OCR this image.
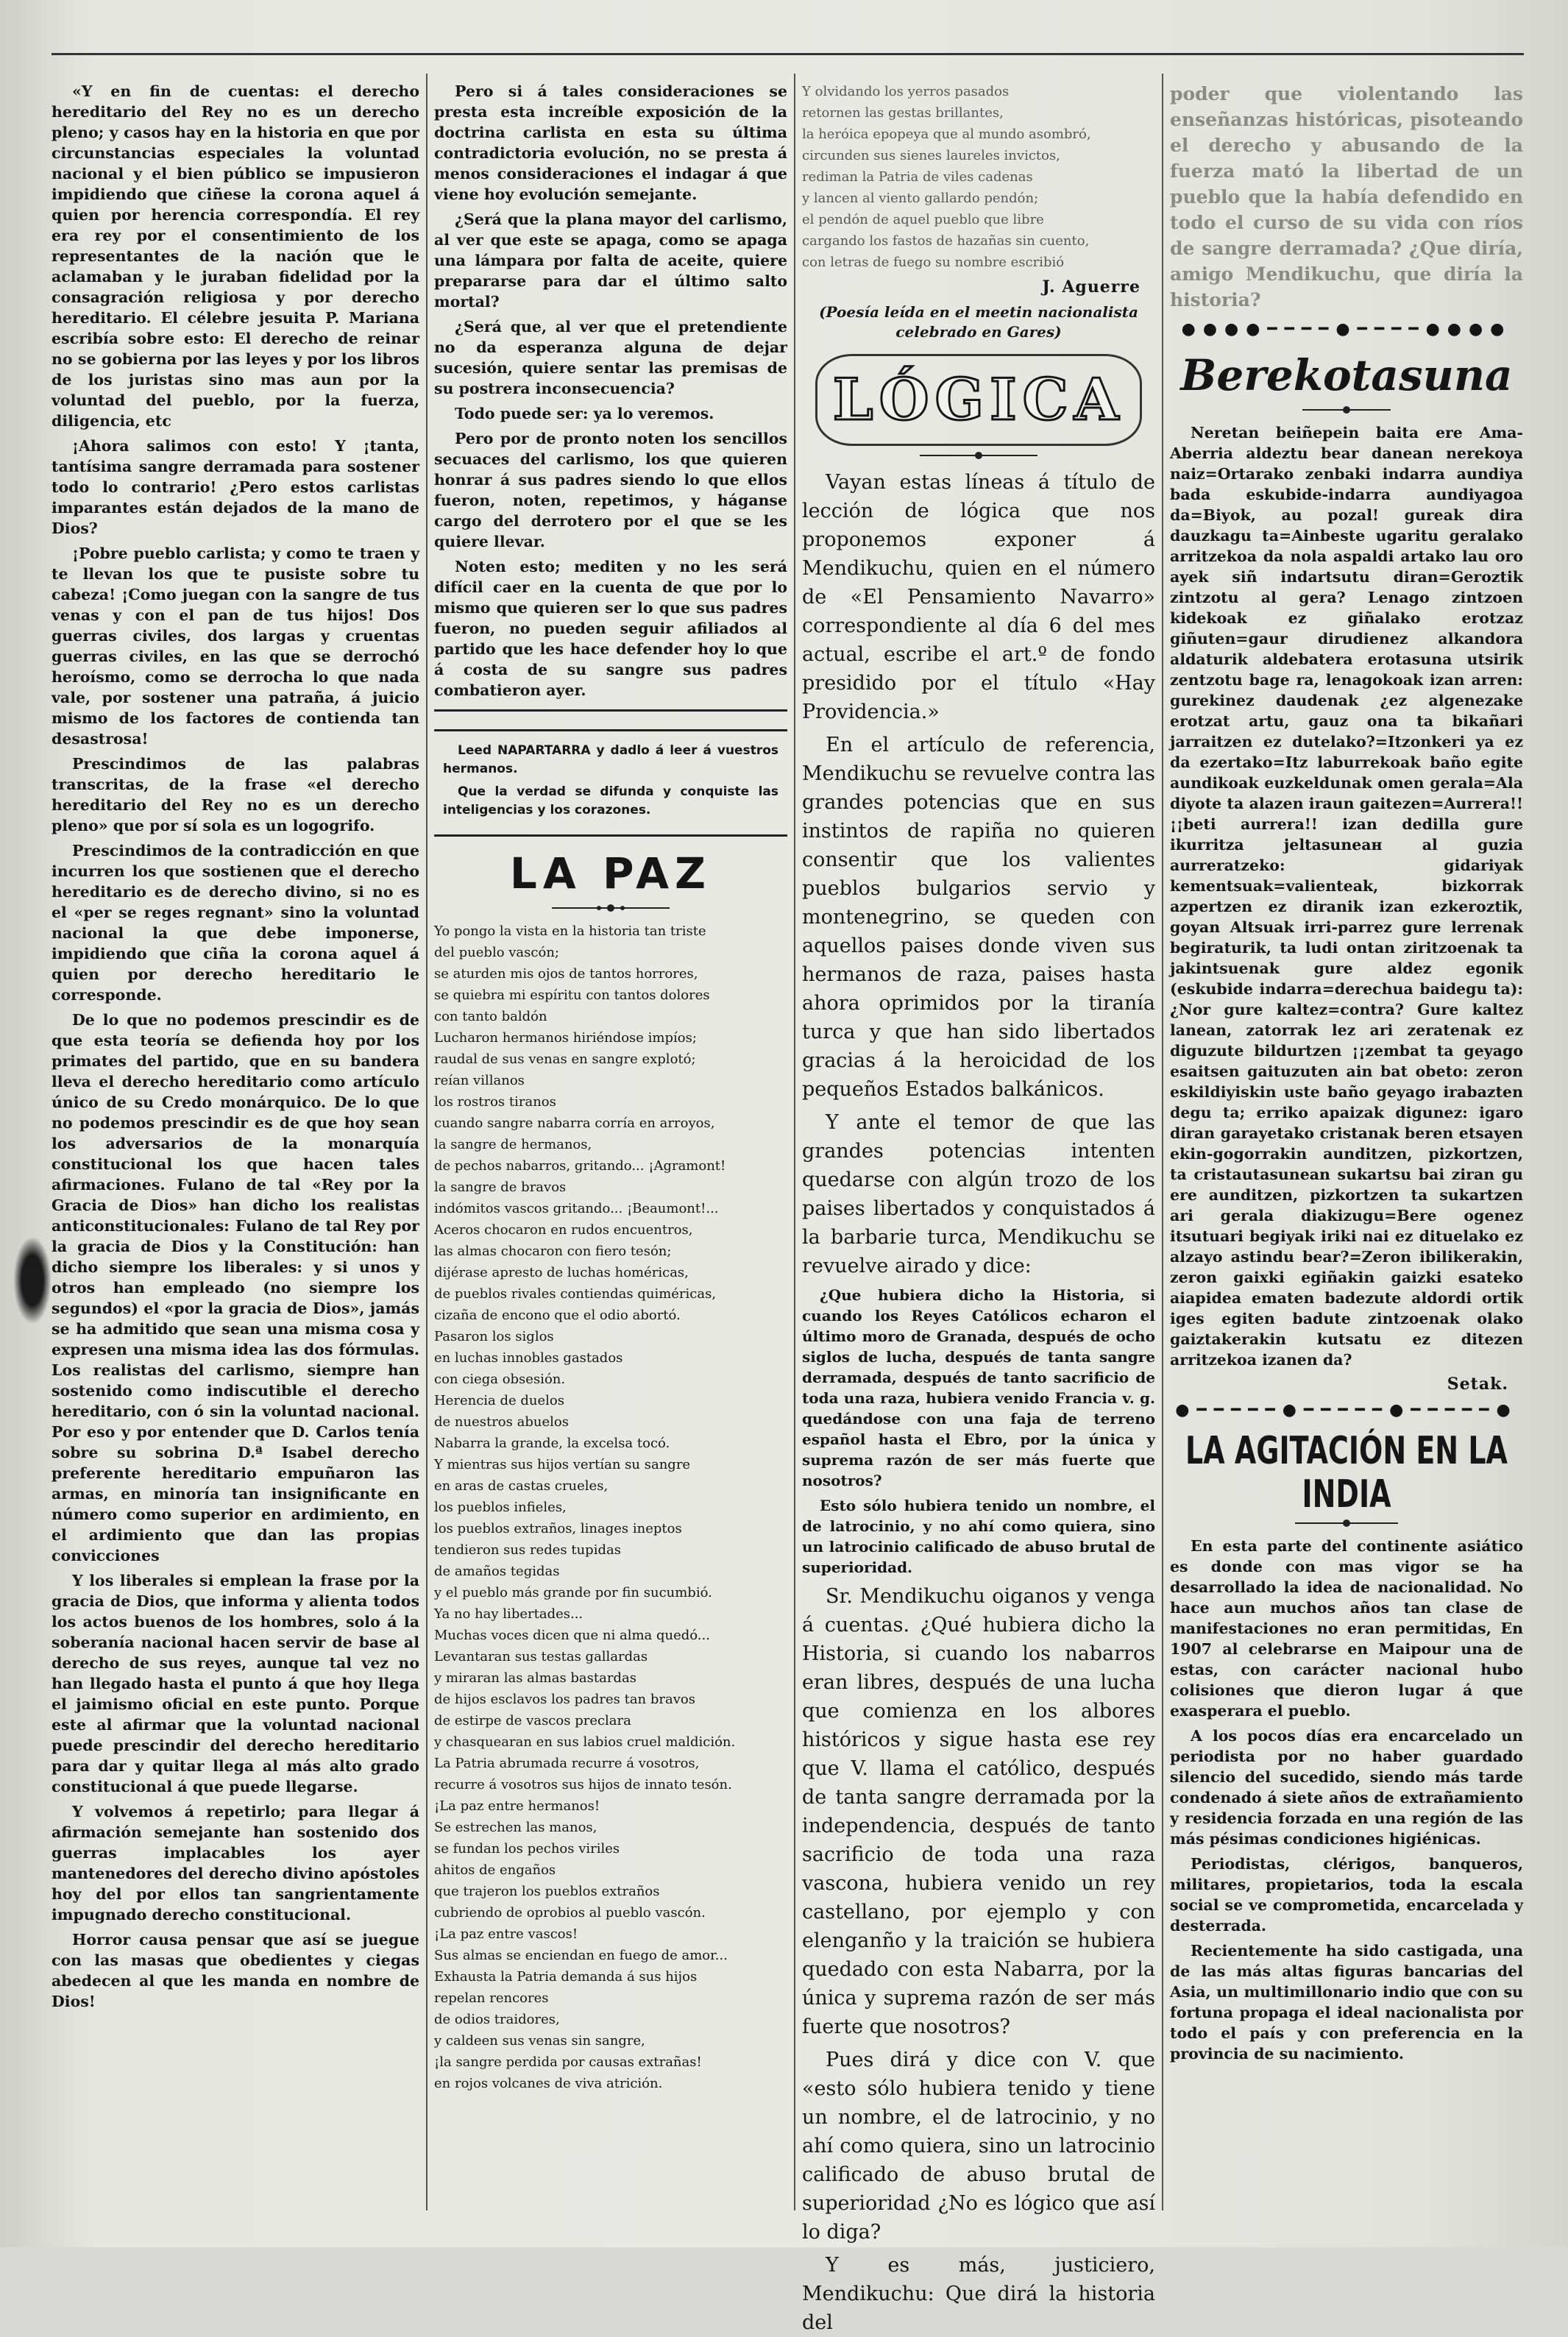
«Y en fin de cuentas: el derecho hereditario del Rey no es un derecho pleno; y casos hay en la historia en que por circunstancias especiales la voluntad nacional y el bien público se impusieron impidiendo que ciñese la corona aquel á quien por herencia correspondía. El rey era rey por el consentimiento de los representantes de la nación que le aclamaban y le juraban fidelidad por la consagración religiosa y por derecho hereditario. El célebre jesuita P. Mariana escribía sobre esto: El derecho de reinar no se gobierna por las leyes y por los libros de los juristas sino mas aun por la voluntad del pueblo, por la fuerza, diligencia, etc

¡Ahora salimos con esto! Y ¡tanta, tantísima sangre derramada para sostener todo lo contrario! ¿Pero estos carlistas imparantes están dejados de la mano de Dios?

¡Pobre pueblo carlista; y como te traen y te llevan los que te pusiste sobre tu cabeza! ¡Como juegan con la sangre de tus venas y con el pan de tus hijos! Dos guerras civiles, dos largas y cruentas guerras civiles, en las que se derrochó heroísmo, como se derrocha lo que nada vale, por sostener una patraña, á juicio mismo de los factores de contienda tan desastrosa!

Prescindimos de las palabras transcritas, de la frase «el derecho hereditario del Rey no es un derecho pleno» que por sí sola es un logogrifo.

Prescindimos de la contradicción en que incurren los que sostienen que el derecho hereditario es de derecho divino, si no es el «per se reges regnant» sino la voluntad nacional la que debe imponerse, impidiendo que ciña la corona aquel á quien por derecho hereditario le corresponde.

De lo que no podemos prescindir es de que esta teoría se defienda hoy por los primates del partido, que en su bandera lleva el derecho hereditario como artículo único de su Credo monárquico. De lo que no podemos prescindir es de que hoy sean los adversarios de la monarquía constitucional los que hacen tales afirmaciones. Fulano de tal «Rey por la Gracia de Dios» han dicho los realistas anticonstitucionales: Fulano de tal Rey por la gracia de Dios y la Constitución: han dicho siempre los liberales: y si unos y otros han empleado (no siempre los segundos) el «por la gracia de Dios», jamás se ha admitido que sean una misma cosa y expresen una misma idea las dos fórmulas. Los realistas del carlismo, siempre han sostenido como indiscutible el derecho hereditario, con ó sin la voluntad nacional. Por eso y por entender que D. Carlos tenía sobre su sobrina D.ª Isabel derecho preferente hereditario empuñaron las armas, en minoría tan insignificante en número como superior en ardimiento, en el ardimiento que dan las propias convicciones

Y los liberales si emplean la frase por la gracia de Dios, que informa y alienta todos los actos buenos de los hombres, solo á la soberanía nacional hacen servir de base al derecho de sus reyes, aunque tal vez no han llegado hasta el punto á que hoy llega el jaimismo oficial en este punto. Porque este al afirmar que la voluntad nacional puede prescindir del derecho hereditario para dar y quitar llega al más alto grado constitucional á que puede llegarse.

Y volvemos á repetirlo; para llegar á afirmación semejante han sostenido dos guerras implacables los ayer mantenedores del derecho divino apóstoles hoy del por ellos tan sangrientamente impugnado derecho constitucional.

Horror causa pensar que así se juegue con las masas que obedientes y ciegas abedecen al que les manda en nombre de Dios!

Pero si á tales consideraciones se presta esta increíble exposición de la doctrina carlista en esta su última contradictoria evolución, no se presta á menos consideraciones el indagar á que viene hoy evolución semejante.

¿Será que la plana mayor del carlismo, al ver que este se apaga, como se apaga una lámpara por falta de aceite, quiere prepararse para dar el último salto mortal?

¿Será que, al ver que el pretendiente no da esperanza alguna de dejar sucesión, quiere sentar las premisas de su postrera inconsecuencia?

Todo puede ser: ya lo veremos.

Pero por de pronto noten los sencillos secuaces del carlismo, los que quieren honrar á sus padres siendo lo que ellos fueron, noten, repetimos, y háganse cargo del derrotero por el que se les quiere llevar.

Noten esto; mediten y no les será difícil caer en la cuenta de que por lo mismo que quieren ser lo que sus padres fueron, no pueden seguir afiliados al partido que les hace defender hoy lo que á costa de su sangre sus padres combatieron ayer.

Leed NAPARTARRA y dadlo á leer á vuestros hermanos.

Que la verdad se difunda y conquiste las inteligencias y los corazones.

LA PAZ
Yo pongo la vista en la historia tan triste
del pueblo vascón;
se aturden mis ojos de tantos horrores,
se quiebra mi espíritu con tantos dolores
con tanto baldón
Lucharon hermanos hiriéndose impíos;
raudal de sus venas en sangre explotó;
reían villanos
los rostros tiranos
cuando sangre nabarra corría en arroyos,
la sangre de hermanos,
de pechos nabarros, gritando... ¡Agramont!
la sangre de bravos
indómitos vascos gritando... ¡Beaumont!...
Aceros chocaron en rudos encuentros,
las almas chocaron con fiero tesón;
dijérase apresto de luchas homéricas,
de pueblos rivales contiendas quiméricas,
cizaña de encono que el odio abortó.
Pasaron los siglos
en luchas innobles gastados
con ciega obsesión.
Herencia de duelos
de nuestros abuelos
Nabarra la grande, la excelsa tocó.
Y mientras sus hijos vertían su sangre
en aras de castas crueles,
los pueblos infieles,
los pueblos extraños, linages ineptos
tendieron sus redes tupidas
de amaños tegidas
y el pueblo más grande por fin sucumbió.
Ya no hay libertades...
Muchas voces dicen que ni alma quedó...
Levantaran sus testas gallardas
y miraran las almas bastardas
de hijos esclavos los padres tan bravos
de estirpe de vascos preclara
y chasquearan en sus labios cruel maldición.
La Patria abrumada recurre á vosotros,
recurre á vosotros sus hijos de innato tesón.
¡La paz entre hermanos!
Se estrechen las manos,
se fundan los pechos viriles
ahitos de engaños
que trajeron los pueblos extraños
cubriendo de oprobios al pueblo vascón.
¡La paz entre vascos!
Sus almas se enciendan en fuego de amor...
Exhausta la Patria demanda á sus hijos
repelan rencores
de odios traidores,
y caldeen sus venas sin sangre,
¡la sangre perdida por causas extrañas!
en rojos volcanes de viva atrición.
Y olvidando los yerros pasados
retornen las gestas brillantes,
la heróica epopeya que al mundo asombró,
circunden sus sienes laureles invictos,
rediman la Patria de viles cadenas
y lancen al viento gallardo pendón;
el pendón de aquel pueblo que libre
cargando los fastos de hazañas sin cuento,
con letras de fuego su nombre escribió
J. Aguerre
(Poesía leída en el meetin nacionalista celebrado en Gares)
LÓGICA

Vayan estas líneas á título de lección de lógica que nos proponemos exponer á Mendikuchu, quien en el número de «El Pensamiento Navarro» correspondiente al día 6 del mes actual, escribe el art.º de fondo presidido por el título «Hay Providencia.»

En el artículo de referencia, Mendikuchu se revuelve contra las grandes potencias que en sus instintos de rapiña no quieren consentir que los valientes pueblos bulgarios servio y montenegrino, se queden con aquellos paises donde viven sus hermanos de raza, paises hasta ahora oprimidos por la tiranía turca y que han sido libertados gracias á la heroicidad de los pequeños Estados balkánicos.

Y ante el temor de que las grandes potencias intenten quedarse con algún trozo de los paises libertados y conquistados á la barbarie turca, Mendikuchu se revuelve airado y dice:

¿Que hubiera dicho la Historia, si cuando los Reyes Católicos echaron el último moro de Granada, después de ocho siglos de lucha, después de tanta sangre derramada, después de tanto sacrificio de toda una raza, hubiera venido Francia v. g. quedándose con una faja de terreno español hasta el Ebro, por la única y suprema razón de ser más fuerte que nosotros?

Esto sólo hubiera tenido un nombre, el de latrocinio, y no ahí como quiera, sino un latrocinio calificado de abuso brutal de superioridad.

Sr. Mendikuchu oiganos y venga á cuentas. ¿Qué hubiera dicho la Historia, si cuando los nabarros eran libres, después de una lucha que comienza en los albores históricos y sigue hasta ese rey que V. llama el católico, después de tanta sangre derramada por la independencia, después de tanto sacrificio de toda una raza vascona, hubiera venido un rey castellano, por ejemplo y con elenganño y la traición se hubiera quedado con esta Nabarra, por la única y suprema razón de ser más fuerte que nosotros?

Pues dirá y dice con V. que «esto sólo hubiera tenido y tiene un nombre, el de latrocinio, y no ahí como quiera, sino un latrocinio calificado de abuso brutal de superioridad ¿No es lógico que así lo diga?

Y es más, justiciero, Mendikuchu: Que dirá la historia del

poder que violentando las enseñanzas históricas, pisoteando el derecho y abusando de la fuerza mató la libertad de un pueblo que la había defendido en todo el curso de su vida con ríos de sangre derramada? ¿Que diría, amigo Mendikuchu, que diría la historia?

●●●●━━━━●━━━━●●●●
Berekotasuna

Neretan beiñepein baita ere Ama-Aberria aldeztu bear danean nerekoya naiz=Ortarako zenbaki indarra aundiya bada eskubide-indarra aundiyagoa da=Biyok, au pozal! gureak dira dauzkagu ta=Ainbeste ugaritu geralako arritzekoa da nola aspaldi artako lau oro ayek siñ indartsutu diran=Geroztik zintzotu al gera? Lenago zintzoen kidekoak ez giñalako erotzaz giñuten=gaur dirudienez alkandora aldaturik aldebatera erotasuna utsirik zentzotu bage ra, lenagokoak izan arren: gurekinez daudenak ¿ez algenezake erotzat artu, gauz ona ta bikañari jarraitzen ez dutelako?=Itzonkeri ya ez da ezertako=Itz laburrekoak baño egite aundikoak euzkeldunak omen gerala=Ala diyote ta alazen iraun gaitezen=Aurrera!! ¡¡beti aurrera!! izan dedilla gure ikurritza jeltasuneaн al guzia aurreratzeko: gidariyak kementsuak=valienteak, bizkorrak azpertzen ez diranik izan ezkeroztik, goyan Altsuak irri-parrez gure lerrenak begiraturik, ta ludi ontan ziritzoenak ta jakintsuenak gure aldez egonik (eskubide indarra=derechua baidegu ta): ¿Nor gure kaltez=contra? Gure kaltez lanean, zatorrak lez ari zeratenak ez diguzute bildurtzen ¡¡zembat ta geyago esaitsen gaituzuten ain bat obeto: zeron eskildiyiskin uste baño geyago irabazten degu ta; erriko apaizak digunez: igaro diran garayetako cristanak beren etsayen ekin-gogorrakin aunditzen, pizkortzen, ta cristautasunean sukartsu bai ziran gu ere aunditzen, pizkortzen ta sukartzen ari gerala diakizugu=Bere ogenez itsutuari begiyak iriki nai ez dituelako ez alzayo astindu bear?=Zeron ibilikerakin, zeron gaixki egiñakin gaizki esateko aiapidea ematen badezute aldordi ortik iges egiten badute zintzoenak olako gaiztakerakin kutsatu ez ditezen arritzekoa izanen da?

Setak.
●━━━━━●━━━━━●━━━━━●
LA AGITACIÓN EN LA INDIA

En esta parte del continente asiático es donde con mas vigor se ha desarrollado la idea de nacionalidad. No hace aun muchos años tan clase de manifestaciones no eran permitidas, En 1907 al celebrarse en Maipour una de estas, con carácter nacional hubo colisiones que dieron lugar á que exasperara el pueblo.

A los pocos días era encarcelado un periodista por no haber guardado silencio del sucedido, siendo más tarde condenado á siete años de extrañamiento y residencia forzada en una región de las más pésimas condiciones higiénicas.

Periodistas, clérigos, banqueros, militares, propietarios, toda la escala social se ve comprometida, encarcelada y desterrada.

Recientemente ha sido castigada, una de las más altas figuras bancarias del Asia, un multimillonario indio que con su fortuna propaga el ideal nacionalista por todo el país y con preferencia en la provincia de su nacimiento.
